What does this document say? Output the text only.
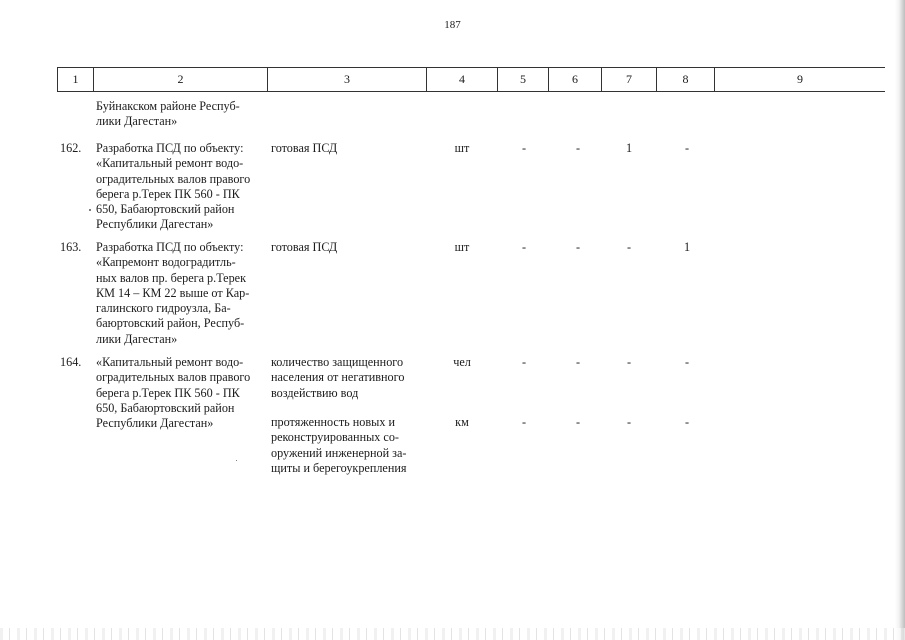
187
1	2	3	4	5	6	7	8	9
Буйнакском районе Респуб-
лики Дагестан»
162. Разработка ПСД по объекту:
«Капитальный ремонт водо-
оградительных валов правого
берега р.Терек ПК 560 - ПК
650, Бабаюртовский район
Республики Дагестан»
готовая ПСД	шт	-	-	1	-
163. Разработка ПСД по объекту:
«Капремонт водоградитль-
ных валов пр. берега р.Терек
КМ 14 – КМ 22 выше от Кар-
галинского гидроузла, Ба-
баюртовский район, Респуб-
лики Дагестан»
готовая ПСД	шт	-	-	-	1
164. «Капитальный ремонт водо-
оградительных валов правого
берега р.Терек ПК 560 - ПК
650, Бабаюртовский район
Республики Дагестан»
количество защищенного
населения от негативного
воздействию вод
чел	-	-	-	-
протяженность новых и
реконструированных со-
оружений инженерной за-
щиты и берегоукрепления
км	-	-	-	-
